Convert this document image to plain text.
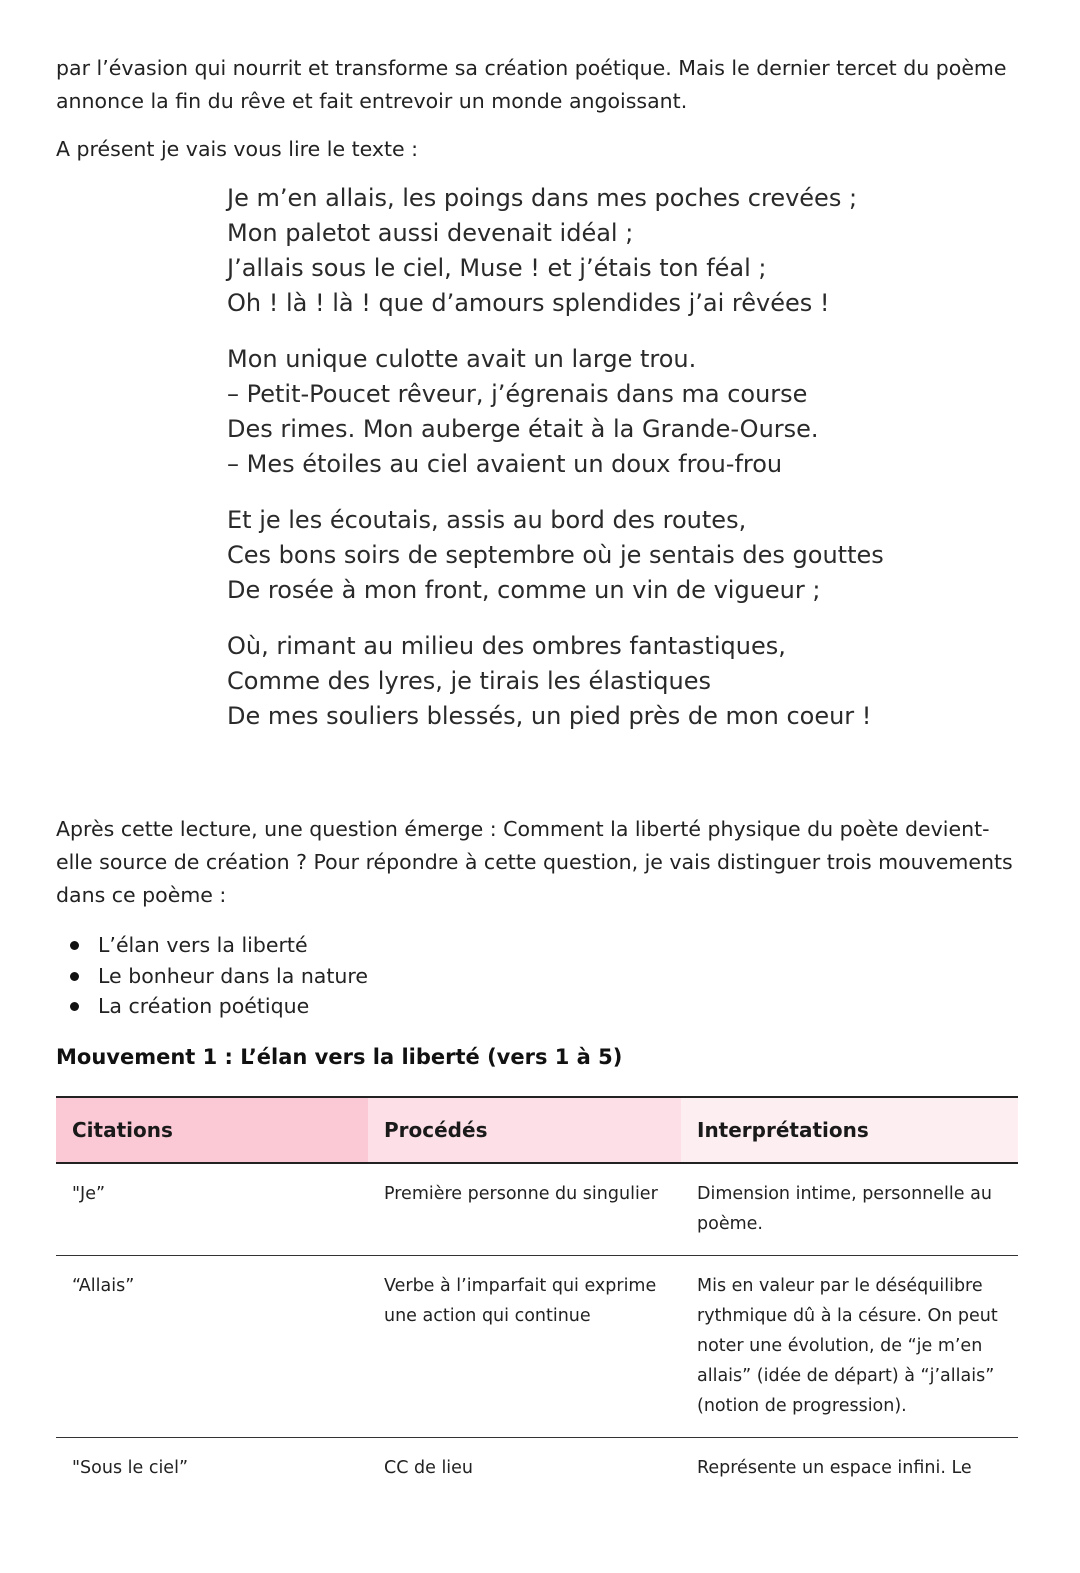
par l’évasion qui nourrit et transforme sa création poétique. Mais le dernier tercet du poème annonce la fin du rêve et fait entrevoir un monde angoissant.

A présent je vais vous lire le texte :

Je m’en allais, les poings dans mes poches crevées ;
Mon paletot aussi devenait idéal ;
J’allais sous le ciel, Muse ! et j’étais ton féal ;
Oh ! là ! là ! que d’amours splendides j’ai rêvées !
Mon unique culotte avait un large trou.
– Petit-Poucet rêveur, j’égrenais dans ma course
Des rimes. Mon auberge était à la Grande-Ourse.
– Mes étoiles au ciel avaient un doux frou-frou
Et je les écoutais, assis au bord des routes,
Ces bons soirs de septembre où je sentais des gouttes
De rosée à mon front, comme un vin de vigueur ;
Où, rimant au milieu des ombres fantastiques,
Comme des lyres, je tirais les élastiques
De mes souliers blessés, un pied près de mon coeur !

Après cette lecture, une question émerge : Comment la liberté physique du poète devient-elle source de création ? Pour répondre à cette question, je vais distinguer trois mouvements dans ce poème :

L’élan vers la liberté
Le bonheur dans la nature
La création poétique
Mouvement 1 : L’élan vers la liberté (vers 1 à 5)
Citations	Procédés	Interprétations
"Je”	Première personne du singulier	Dimension intime, personnelle au poème.
“Allais”	Verbe à l’imparfait qui exprime une action qui continue	Mis en valeur par le déséquilibre rythmique dû à la césure. On peut noter une évolution, de “je m’en allais” (idée de départ) à “j’allais” (notion de progression).
"Sous le ciel”	CC de lieu	Représente un espace infini. Le
